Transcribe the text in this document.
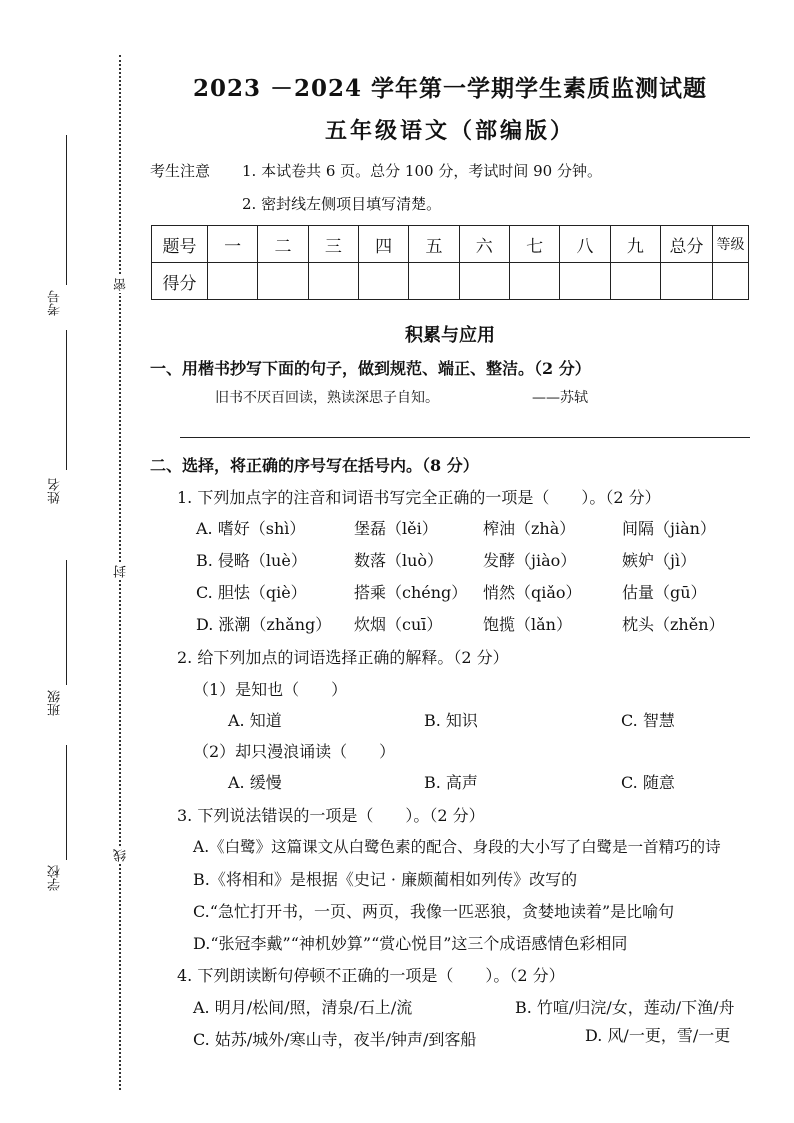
考号
姓名
班级
学校
密
封
线
2023 －2024 学年第一学期学生素质监测试题
五年级语文（部编版）
考生注意 1. 本试卷共 6 页。总分 100 分，考试时间 90 分钟。
2. 密封线左侧项目填写清楚。
题号	一	二	三	四	五	六	七	八	九	总分	等级
得分											
积累与应用
一、用楷书抄写下面的句子，做到规范、端正、整洁。（2 分）
旧书不厌百回读，熟读深思子自知。	——苏轼
二、选择，将正确的序号写在括号内。（8 分）
1. 下列加点字的注音和词语书写完全正确的一项是（　　）。（2 分）
A. 嗜好（shì）	堡磊（lěi）	榨油（zhà）	间隔（jiàn）
B. 侵略（luè）	数落（luò） 发酵（jiào）	嫉妒（jì）
C. 胆怯（qiè）	搭乘（chéng） 悄然（qiǎo）	估量（gū）
D. 涨潮（zhǎng） 炊烟（cuī）	饱揽（lǎn）	枕头（zhěn）
2. 给下列加点的词语选择正确的解释。（2 分）
（1）是知也（　　）
A. 知道	B. 知识	C. 智慧
（2）却只漫浪诵读（　　）
A. 缓慢	B. 高声	C. 随意
3. 下列说法错误的一项是（　　）。（2 分）
A.《白鹭》这篇课文从白鹭色素的配合、身段的大小写了白鹭是一首精巧的诗
B.《将相和》是根据《史记 · 廉颇蔺相如列传》改写的
C.“急忙打开书，一页、两页，我像一匹恶狼，贪婪地读着”是比喻句
D.“张冠李戴”“神机妙算”“赏心悦目”这三个成语感情色彩相同
4. 下列朗读断句停顿不正确的一项是（　　）。（2 分）
A. 明月/松间/照，清泉/石上/流	B. 竹喧/归浣/女，莲动/下渔/舟
C. 姑苏/城外/寒山寺，夜半/钟声/到客船	D. 风/一更，雪/一更
